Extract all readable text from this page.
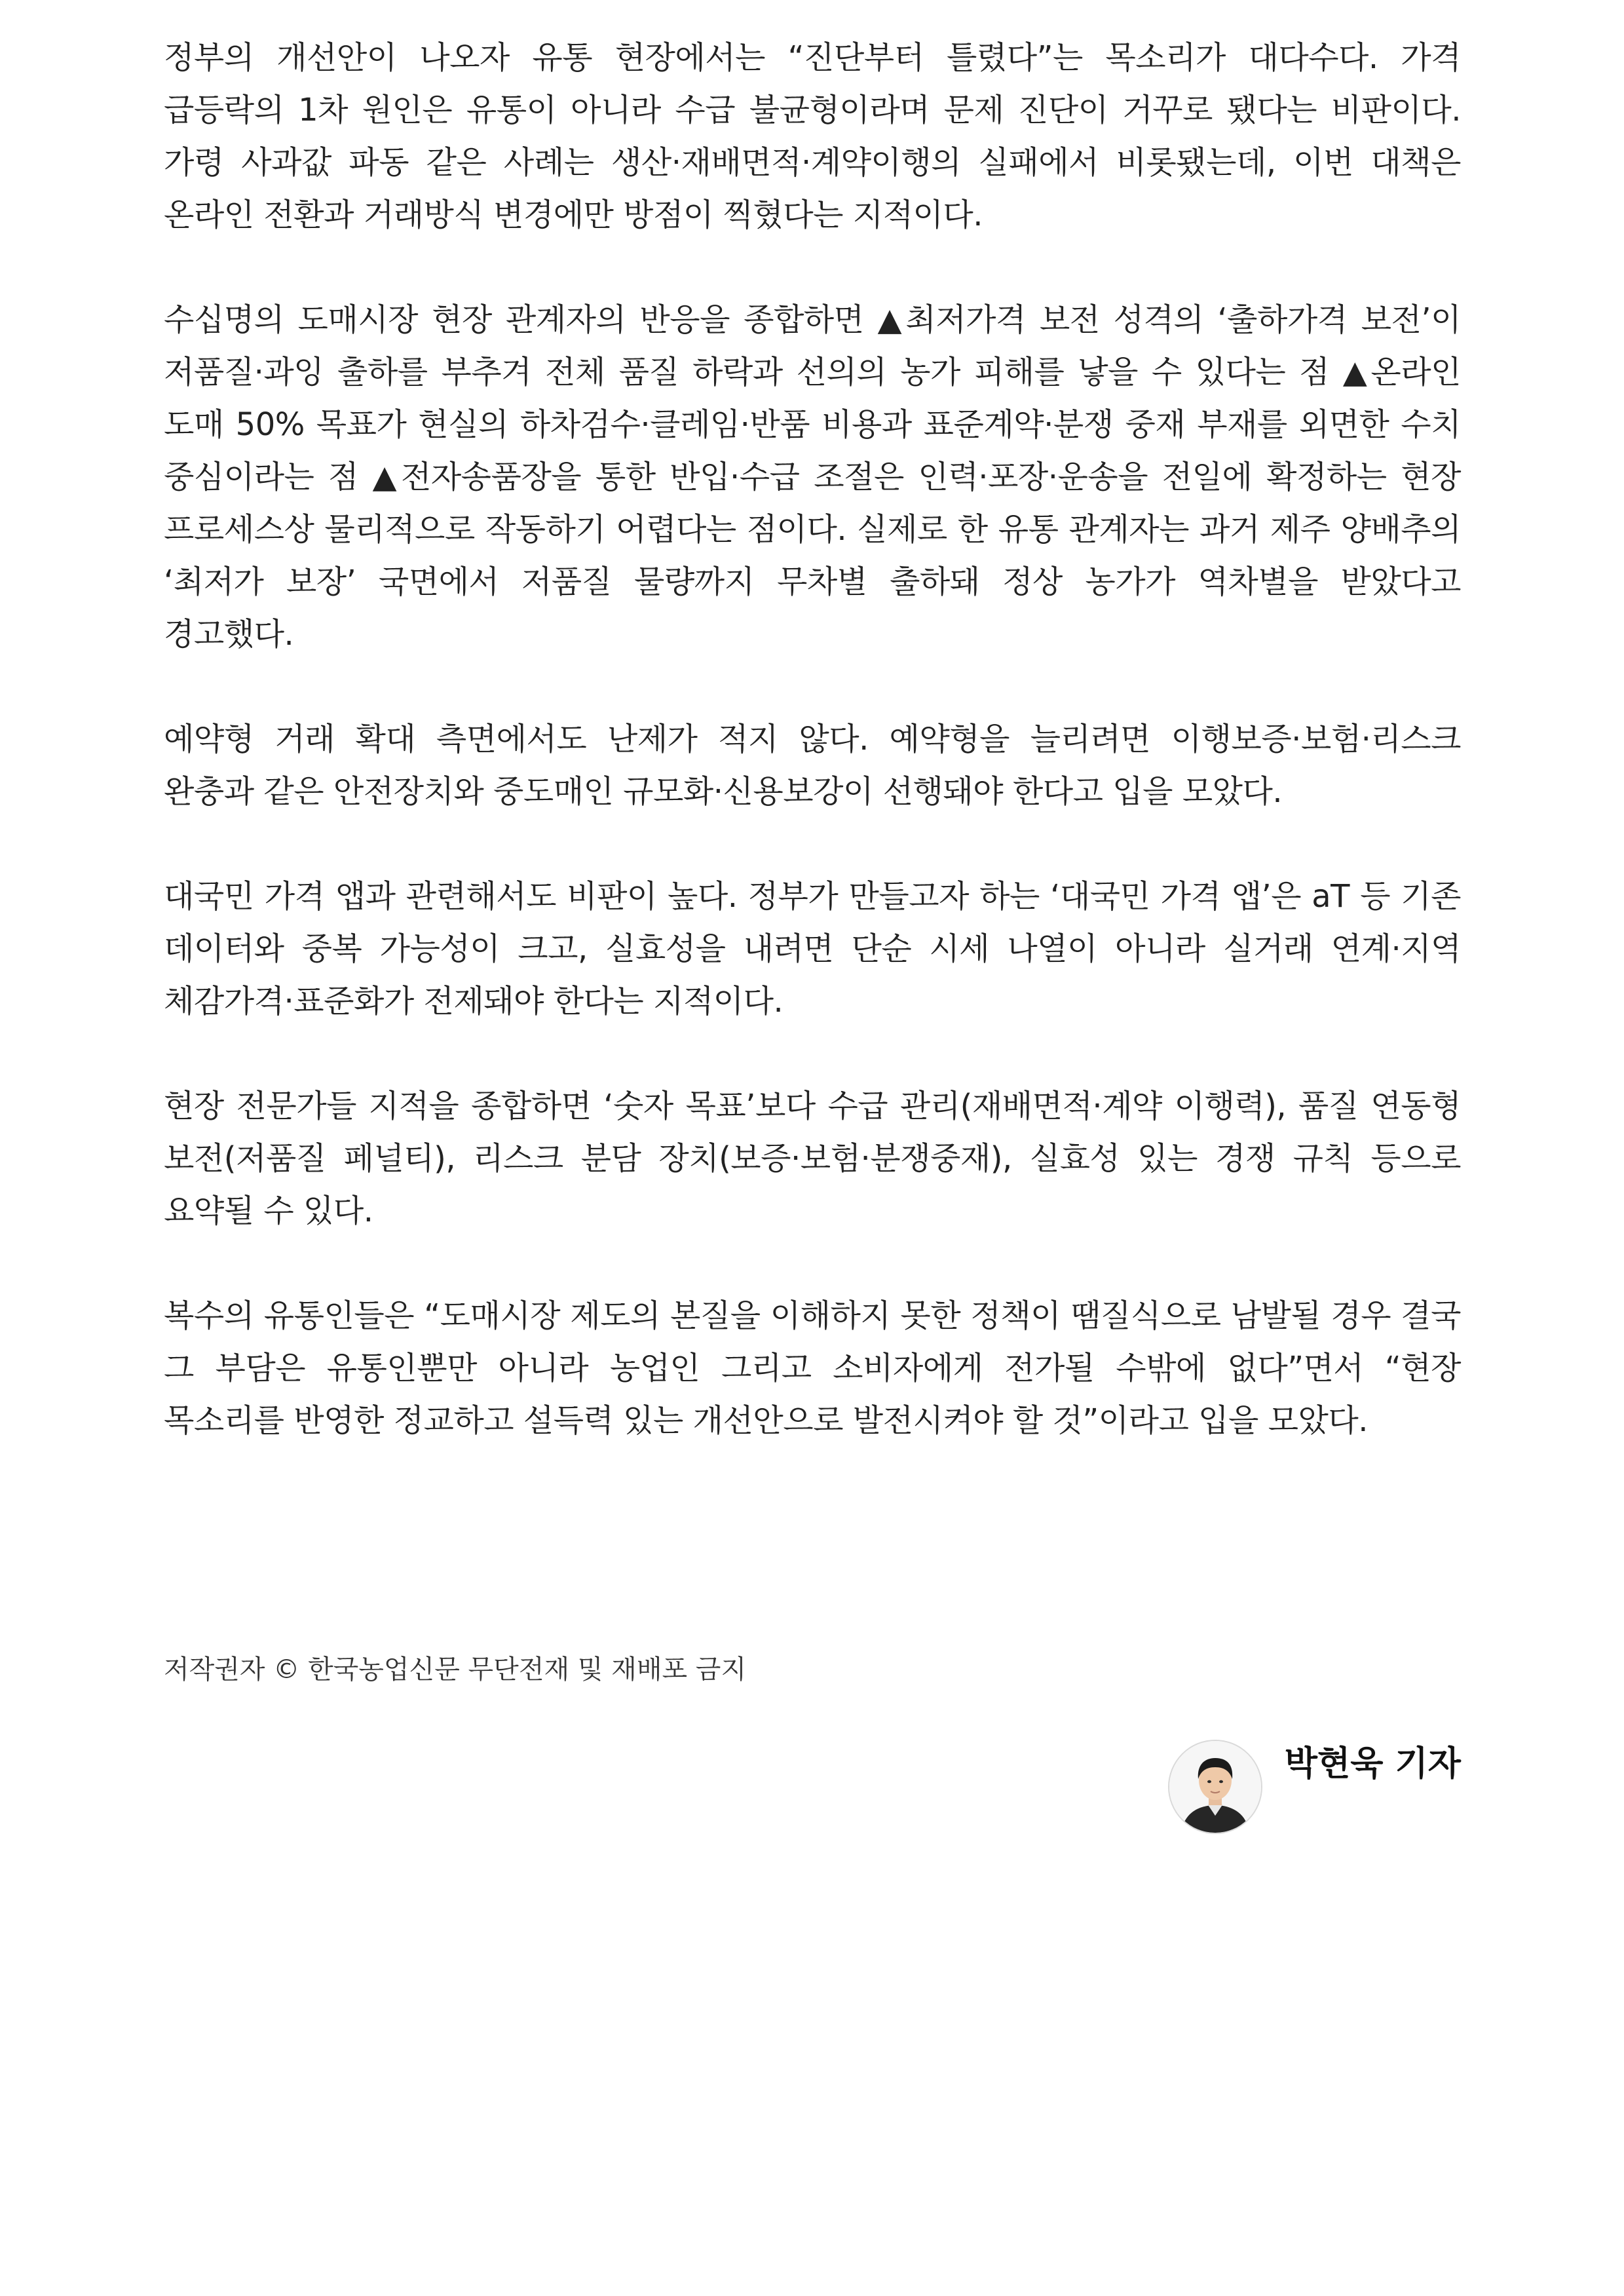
정부의 개선안이 나오자 유통 현장에서는 “진단부터 틀렸다”는 목소리가 대다수다. 가격 급등락의 1차 원인은 유통이 아니라 수급 불균형이라며 문제 진단이 거꾸로 됐다는 비판이다. 가령 사과값 파동 같은 사례는 생산·재배면적·계약이행의 실패에서 비롯됐는데, 이번 대책은 온라인 전환과 거래방식 변경에만 방점이 찍혔다는 지적이다.

수십명의 도매시장 현장 관계자의 반응을 종합하면 ▲최저가격 보전 성격의 ‘출하가격 보전’이 저품질·과잉 출하를 부추겨 전체 품질 하락과 선의의 농가 피해를 낳을 수 있다는 점 ▲온라인 도매 50% 목표가 현실의 하차검수·클레임·반품 비용과 표준계약·분쟁 중재 부재를 외면한 수치 중심이라는 점 ▲전자송품장을 통한 반입·수급 조절은 인력·포장·운송을 전일에 확정하는 현장 프로세스상 물리적으로 작동하기 어렵다는 점이다. 실제로 한 유통 관계자는 과거 제주 양배추의 ‘최저가 보장’ 국면에서 저품질 물량까지 무차별 출하돼 정상 농가가 역차별을 받았다고 경고했다.

예약형 거래 확대 측면에서도 난제가 적지 않다. 예약형을 늘리려면 이행보증·보험·리스크 완충과 같은 안전장치와 중도매인 규모화·신용보강이 선행돼야 한다고 입을 모았다.

대국민 가격 앱과 관련해서도 비판이 높다. 정부가 만들고자 하는 ‘대국민 가격 앱’은 aT 등 기존 데이터와 중복 가능성이 크고, 실효성을 내려면 단순 시세 나열이 아니라 실거래 연계·지역 체감가격·표준화가 전제돼야 한다는 지적이다.

현장 전문가들 지적을 종합하면 ‘숫자 목표’보다 수급 관리(재배면적·계약 이행력), 품질 연동형 보전(저품질 페널티), 리스크 분담 장치(보증·보험·분쟁중재), 실효성 있는 경쟁 규칙 등으로 요약될 수 있다.

복수의 유통인들은 “도매시장 제도의 본질을 이해하지 못한 정책이 땜질식으로 남발될 경우 결국 그 부담은 유통인뿐만 아니라 농업인 그리고 소비자에게 전가될 수밖에 없다”면서 “현장 목소리를 반영한 정교하고 설득력 있는 개선안으로 발전시켜야 할 것”이라고 입을 모았다.

저작권자 © 한국농업신문 무단전재 및 재배포 금지
박현욱 기자
